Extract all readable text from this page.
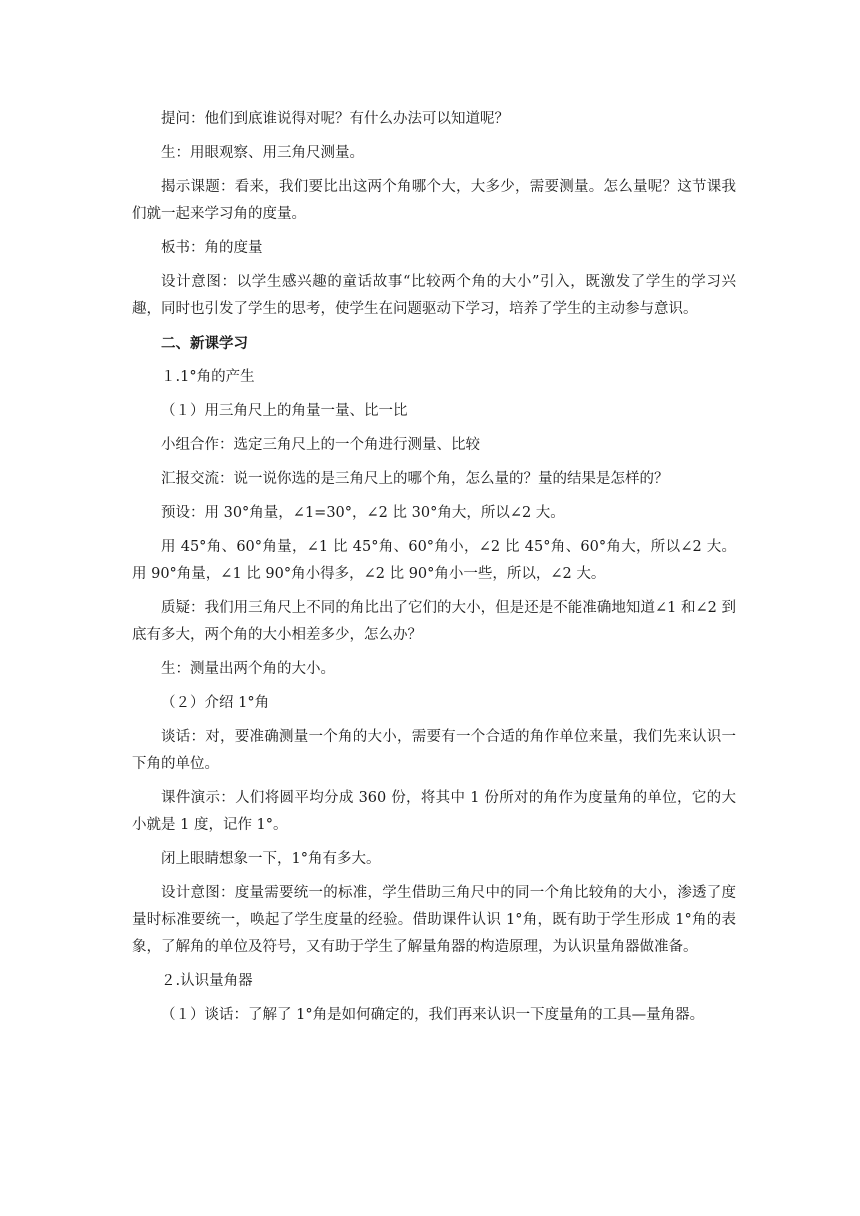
提问：他们到底谁说得对呢？有什么办法可以知道呢？

生：用眼观察、用三角尺测量。

揭示课题：看来，我们要比出这两个角哪个大，大多少，需要测量。怎么量呢？这节课我们就一起来学习角的度量。

板书：角的度量

设计意图：以学生感兴趣的童话故事“比较两个角的大小”引入，既激发了学生的学习兴趣，同时也引发了学生的思考，使学生在问题驱动下学习，培养了学生的主动参与意识。

二、新课学习

１.1°角的产生

（１）用三角尺上的角量一量、比一比

小组合作：选定三角尺上的一个角进行测量、比较

汇报交流：说一说你选的是三角尺上的哪个角，怎么量的？量的结果是怎样的？

预设：用 30°角量，∠1=30°，∠2 比 30°角大，所以∠2 大。

用 45°角、60°角量，∠1 比 45°角、60°角小，∠2 比 45°角、60°角大，所以∠2 大。用 90°角量，∠1 比 90°角小得多，∠2 比 90°角小一些，所以，∠2 大。

质疑：我们用三角尺上不同的角比出了它们的大小，但是还是不能准确地知道∠1 和∠2 到底有多大，两个角的大小相差多少，怎么办？

生：测量出两个角的大小。

（２）介绍 1°角

谈话：对，要准确测量一个角的大小，需要有一个合适的角作单位来量，我们先来认识一下角的单位。

课件演示：人们将圆平均分成 360 份，将其中 1 份所对的角作为度量角的单位，它的大小就是 1 度，记作 1°。

闭上眼睛想象一下，1°角有多大。

设计意图：度量需要统一的标准，学生借助三角尺中的同一个角比较角的大小，渗透了度量时标准要统一，唤起了学生度量的经验。借助课件认识 1°角，既有助于学生形成 1°角的表象，了解角的单位及符号，又有助于学生了解量角器的构造原理，为认识量角器做准备。

２.认识量角器

（１）谈话：了解了 1°角是如何确定的，我们再来认识一下度量角的工具—量角器。
